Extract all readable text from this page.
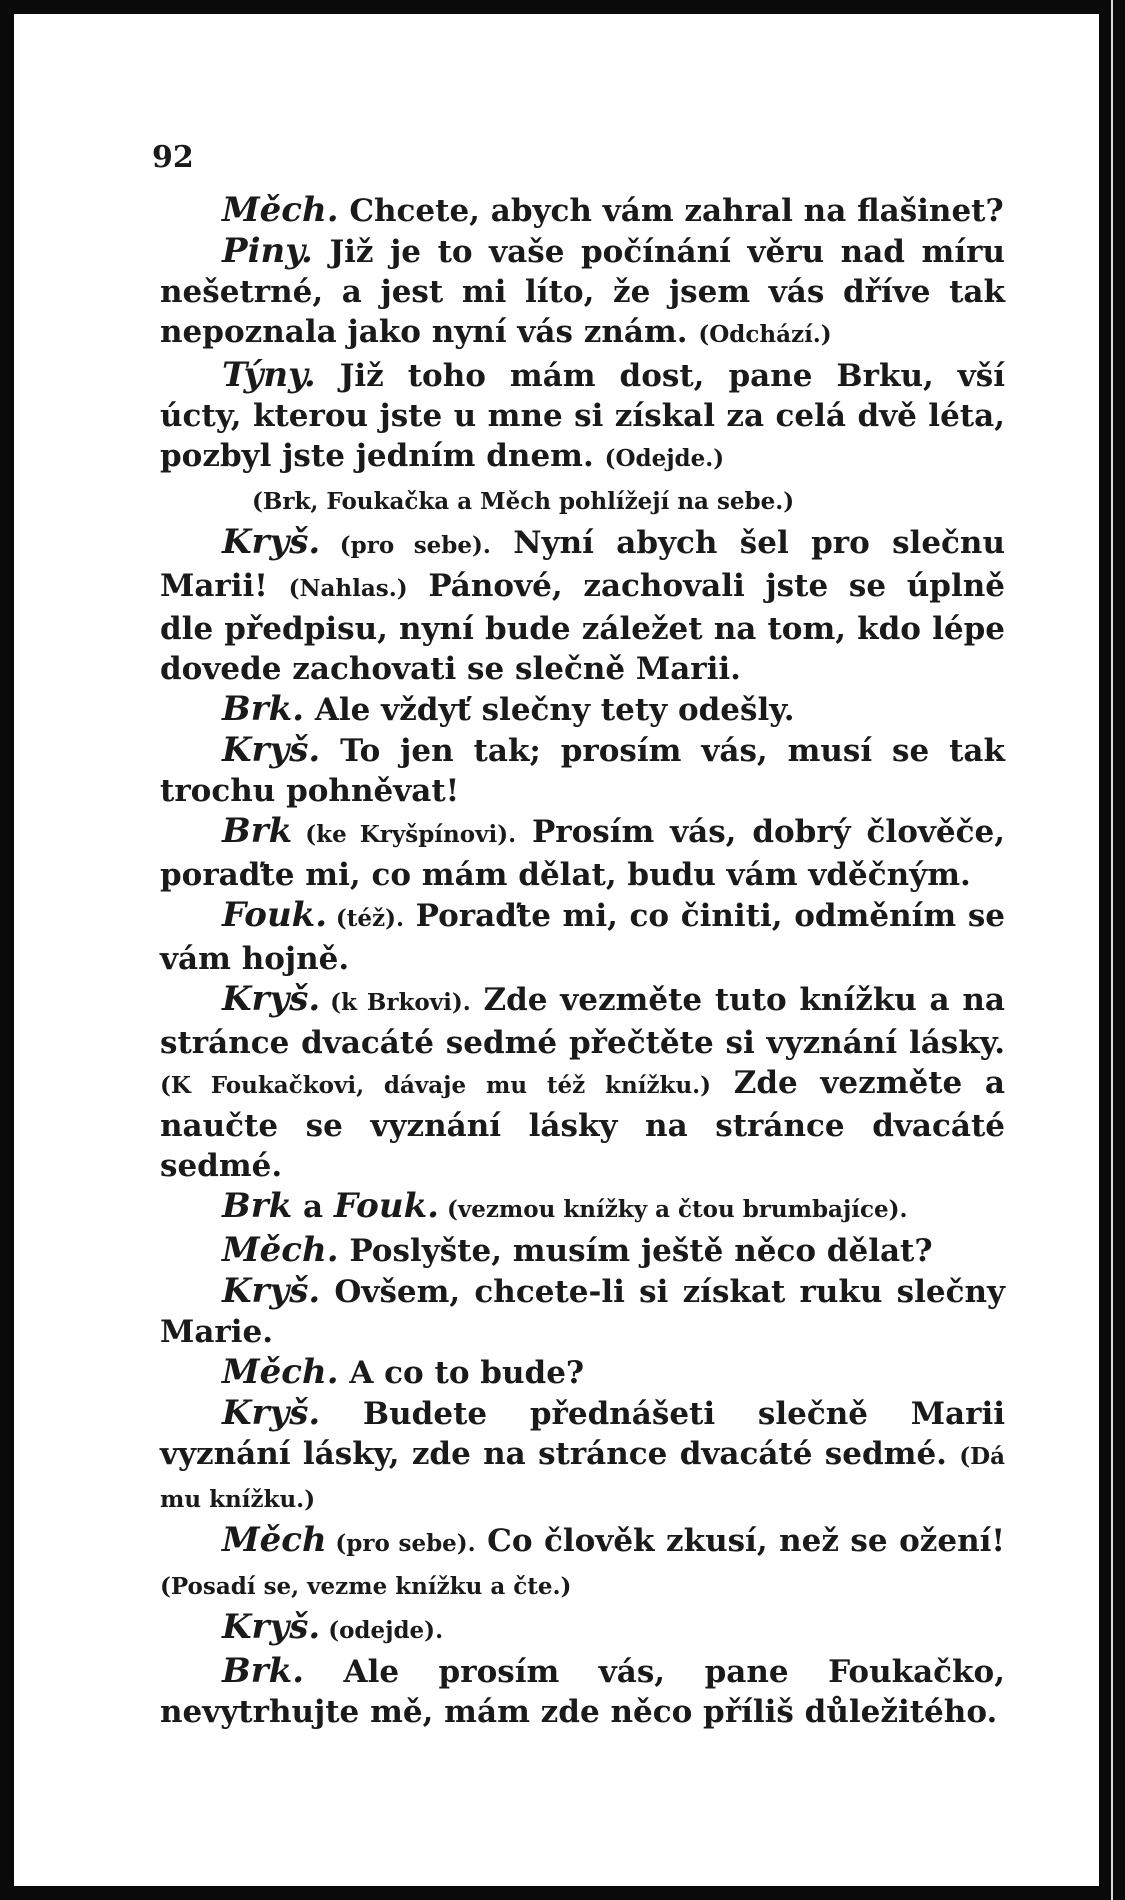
92

Měch. Chcete, abych vám zahral na flašinet?

Piny. Již je to vaše počínání věru nad míru nešetrné, a jest mi líto, že jsem vás dříve tak nepoznala jako nyní vás znám. (Odchází.)

Týny. Již toho mám dost, pane Brku, vší úcty, kterou jste u mne si získal za celá dvě léta, pozbyl jste jedním dnem. (Odejde.)

(Brk, Foukačka a Měch pohlížejí na sebe.)

Kryš. (pro sebe). Nyní abych šel pro slečnu Marii! (Nahlas.) Pánové, zachovali jste se úplně dle předpisu, nyní bude záležet na tom, kdo lépe dovede zachovati se slečně Marii.

Brk. Ale vždyť slečny tety odešly.

Kryš. To jen tak; prosím vás, musí se tak trochu pohněvat!

Brk (ke Kryšpínovi). Prosím vás, dobrý člověče, poraďte mi, co mám dělat, budu vám vděčným.

Fouk. (též). Poraďte mi, co činiti, odměním se vám hojně.

Kryš. (k Brkovi). Zde vezměte tuto knížku a na stránce dvacáté sedmé přečtěte si vyznání lásky. (K Foukačkovi, dávaje mu též knížku.) Zde vezměte a naučte se vyznání lásky na stránce dvacáté sedmé.

Brk a Fouk. (vezmou knížky a čtou brumbajíce).

Měch. Poslyšte, musím ještě něco dělat?

Kryš. Ovšem, chcete-li si získat ruku slečny Marie.

Měch. A co to bude?

Kryš. Budete přednášeti slečně Marii vyznání lásky, zde na stránce dvacáté sedmé. (Dá mu knížku.)

Měch (pro sebe). Co člověk zkusí, než se ožení! (Posadí se, vezme knížku a čte.)

Kryš. (odejde).

Brk. Ale prosím vás, pane Foukačko, nevytrhujte mě, mám zde něco příliš důležitého.
